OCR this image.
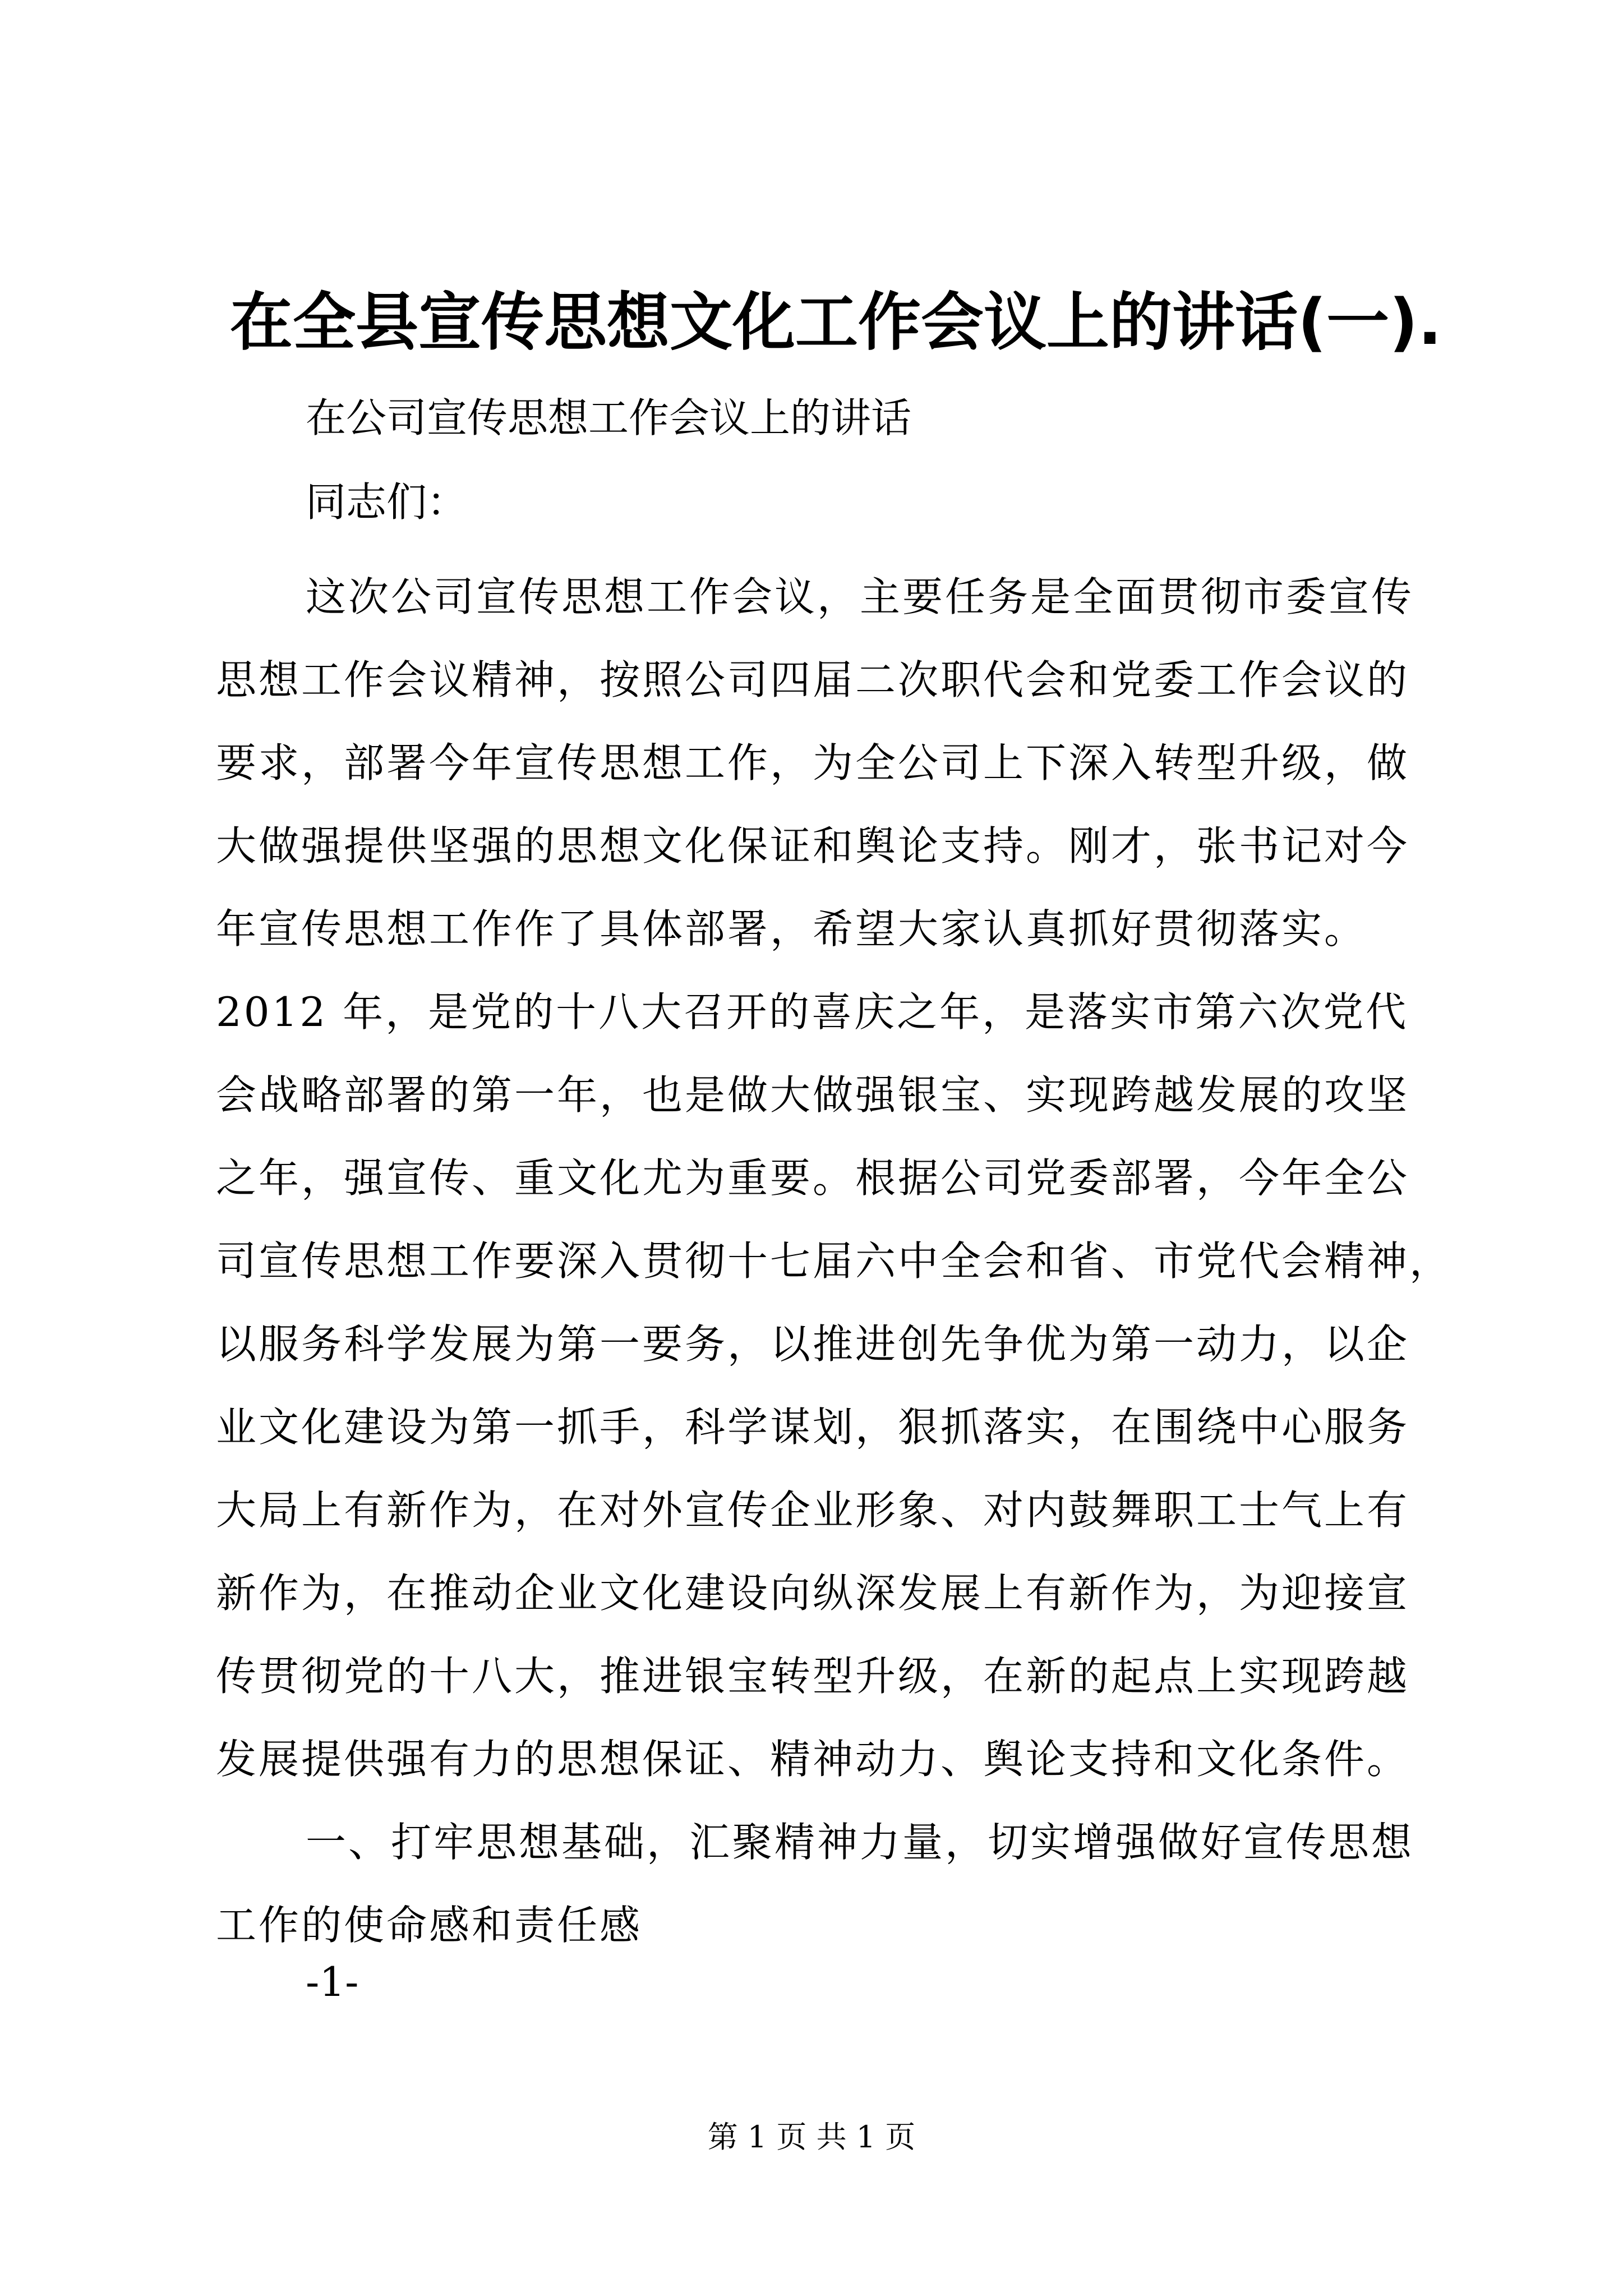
在全县宣传思想文化工作会议上的讲话(一).
在公司宣传思想工作会议上的讲话
同志们：
这次公司宣传思想工作会议，主要任务是全面贯彻市委宣传
思想工作会议精神，按照公司四届二次职代会和党委工作会议的
要求，部署今年宣传思想工作，为全公司上下深入转型升级，做
大做强提供坚强的思想文化保证和舆论支持。刚才，张书记对今
年宣传思想工作作了具体部署，希望大家认真抓好贯彻落实。
2012 年，是党的十八大召开的喜庆之年，是落实市第六次党代
会战略部署的第一年，也是做大做强银宝、实现跨越发展的攻坚
之年，强宣传、重文化尤为重要。根据公司党委部署，今年全公
司宣传思想工作要深入贯彻十七届六中全会和省、市党代会精神，
以服务科学发展为第一要务，以推进创先争优为第一动力，以企
业文化建设为第一抓手，科学谋划，狠抓落实，在围绕中心服务
大局上有新作为，在对外宣传企业形象、对内鼓舞职工士气上有
新作为，在推动企业文化建设向纵深发展上有新作为，为迎接宣
传贯彻党的十八大，推进银宝转型升级，在新的起点上实现跨越
发展提供强有力的思想保证、精神动力、舆论支持和文化条件。
一、打牢思想基础，汇聚精神力量，切实增强做好宣传思想
工作的使命感和责任感
-1-
第 1 页 共 1 页
